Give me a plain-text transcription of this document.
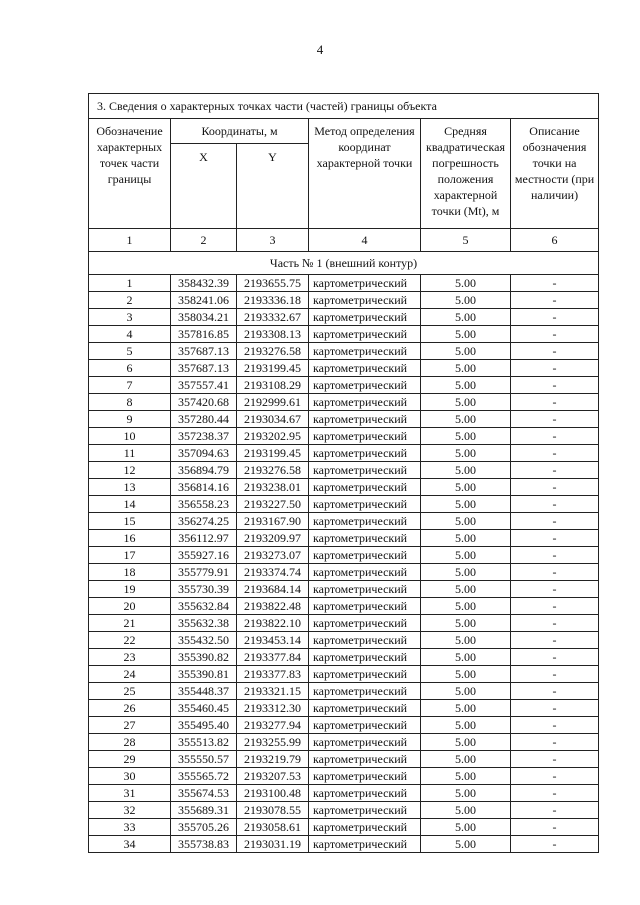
4
3. Сведения о характерных точках части (частей) границы объекта					
Обозначение характерных точек части границы	Координаты, м		Метод определения координат характерной точки	Средняя квадратическая погрешность положения характерной точки (Mt), м	Описание обозначения точки на местности (при наличии)
	X	Y			
1	2	3	4	5	6
Часть № 1 (внешний контур)					
1	358432.39	2193655.75	картометрический	5.00	-
2	358241.06	2193336.18	картометрический	5.00	-
3	358034.21	2193332.67	картометрический	5.00	-
4	357816.85	2193308.13	картометрический	5.00	-
5	357687.13	2193276.58	картометрический	5.00	-
6	357687.13	2193199.45	картометрический	5.00	-
7	357557.41	2193108.29	картометрический	5.00	-
8	357420.68	2192999.61	картометрический	5.00	-
9	357280.44	2193034.67	картометрический	5.00	-
10	357238.37	2193202.95	картометрический	5.00	-
11	357094.63	2193199.45	картометрический	5.00	-
12	356894.79	2193276.58	картометрический	5.00	-
13	356814.16	2193238.01	картометрический	5.00	-
14	356558.23	2193227.50	картометрический	5.00	-
15	356274.25	2193167.90	картометрический	5.00	-
16	356112.97	2193209.97	картометрический	5.00	-
17	355927.16	2193273.07	картометрический	5.00	-
18	355779.91	2193374.74	картометрический	5.00	-
19	355730.39	2193684.14	картометрический	5.00	-
20	355632.84	2193822.48	картометрический	5.00	-
21	355632.38	2193822.10	картометрический	5.00	-
22	355432.50	2193453.14	картометрический	5.00	-
23	355390.82	2193377.84	картометрический	5.00	-
24	355390.81	2193377.83	картометрический	5.00	-
25	355448.37	2193321.15	картометрический	5.00	-
26	355460.45	2193312.30	картометрический	5.00	-
27	355495.40	2193277.94	картометрический	5.00	-
28	355513.82	2193255.99	картометрический	5.00	-
29	355550.57	2193219.79	картометрический	5.00	-
30	355565.72	2193207.53	картометрический	5.00	-
31	355674.53	2193100.48	картометрический	5.00	-
32	355689.31	2193078.55	картометрический	5.00	-
33	355705.26	2193058.61	картометрический	5.00	-
34	355738.83	2193031.19	картометрический	5.00	-
